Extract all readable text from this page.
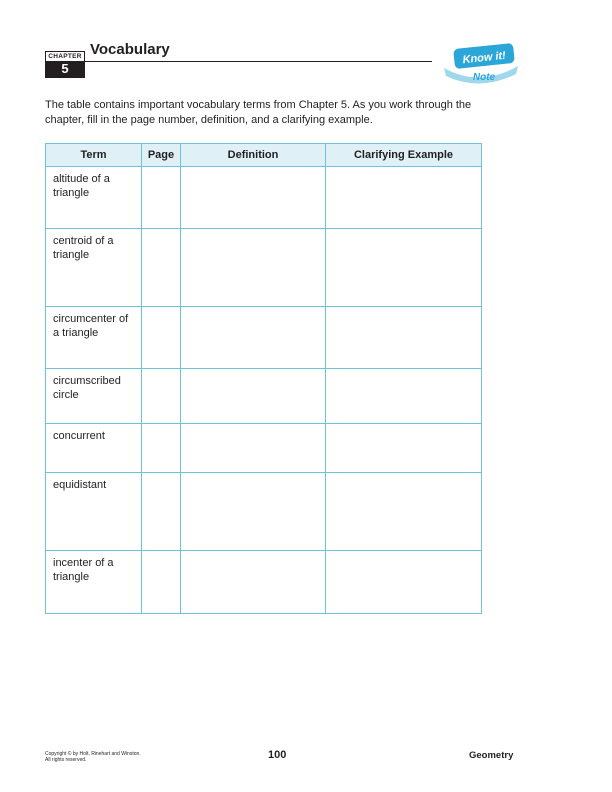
CHAPTER
5
Vocabulary	Know it!
Note
The table contains important vocabulary terms from Chapter 5. As you work through the chapter, fill in the page number, definition, and a clarifying example.
Term	Page	Definition	Clarifying Example
altitude of a triangle			
centroid of a triangle			
circumcenter of a triangle			
circumscribed circle			
concurrent			
equidistant			
incenter of a triangle			
Copyright © by Holt, Rinehart and Winston.
All rights reserved.	100	Geometry
